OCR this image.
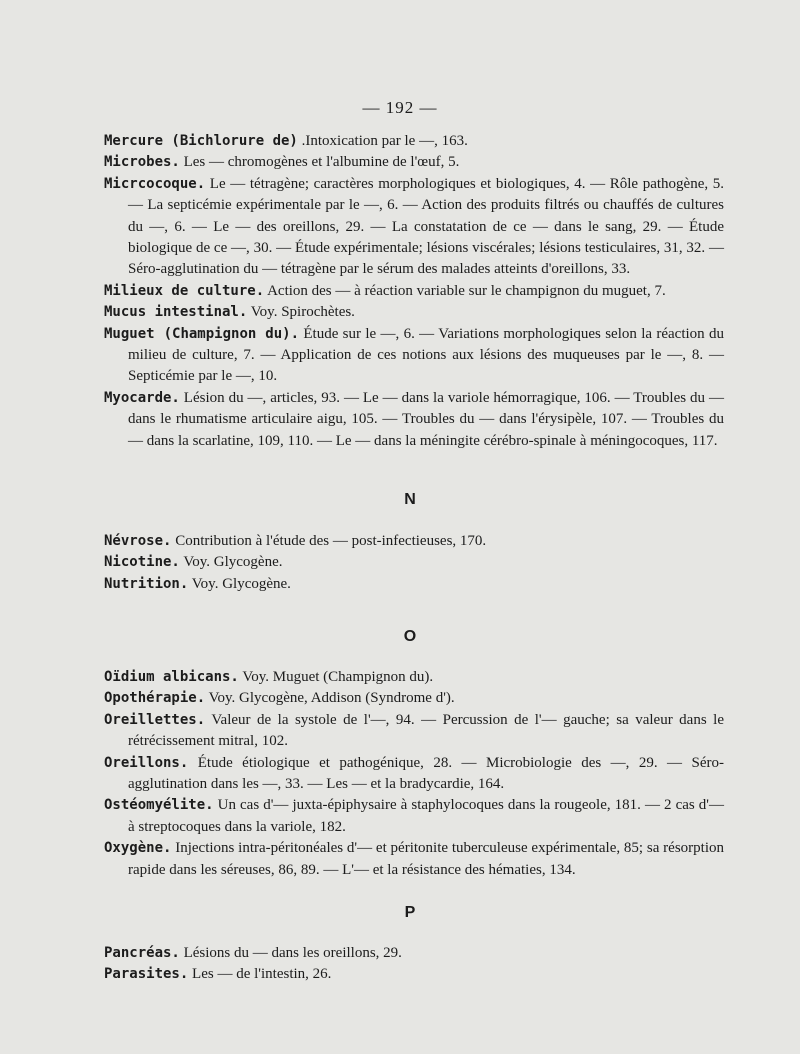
— 192 —
Mercure (Bichlorure de) .Intoxication par le —, 163.
Microbes. Les — chromogènes et l'albumine de l'œuf, 5.
Micrcocoque. Le — tétragène; caractères morphologiques et biologiques, 4. — Rôle pathogène, 5. — La septicémie expérimentale par le —, 6. — Action des produits filtrés ou chauffés de cultures du —, 6. — Le — des oreillons, 29. — La constatation de ce — dans le sang, 29. — Étude biologique de ce —, 30. — Étude expérimentale; lésions viscérales; lésions testiculaires, 31, 32. — Séro-agglutination du — tétragène par le sérum des malades atteints d'oreillons, 33.
Milieux de culture. Action des — à réaction variable sur le champignon du muguet, 7.
Mucus intestinal. Voy. Spirochètes.
Muguet (Champignon du). Étude sur le —, 6. — Variations morphologiques selon la réaction du milieu de culture, 7. — Application de ces notions aux lésions des muqueuses par le —, 8. — Septicémie par le —, 10.
Myocarde. Lésion du —, articles, 93. — Le — dans la variole hémorragique, 106. — Troubles du — dans le rhumatisme articulaire aigu, 105. — Troubles du — dans l'érysipèle, 107. — Troubles du — dans la scarlatine, 109, 110. — Le — dans la méningite cérébro-spinale à méningocoques, 117.
N
Névrose. Contribution à l'étude des — post-infectieuses, 170.
Nicotine. Voy. Glycogène.
Nutrition. Voy. Glycogène.
O
Oïdium albicans. Voy. Muguet (Champignon du).
Opothérapie. Voy. Glycogène, Addison (Syndrome d').
Oreillettes. Valeur de la systole de l'—, 94. — Percussion de l'— gauche; sa valeur dans le rétrécissement mitral, 102.
Oreillons. Étude étiologique et pathogénique, 28. — Microbiologie des —, 29. — Séro-agglutination dans les —, 33. — Les — et la bradycardie, 164.
Ostéomyélite. Un cas d'— juxta-épiphysaire à staphylocoques dans la rougeole, 181. — 2 cas d'— à streptocoques dans la variole, 182.
Oxygène. Injections intra-péritonéales d'— et péritonite tuberculeuse expérimentale, 85; sa résorption rapide dans les séreuses, 86, 89. — L'— et la résistance des hématies, 134.
P
Pancréas. Lésions du — dans les oreillons, 29.
Parasites. Les — de l'intestin, 26.
